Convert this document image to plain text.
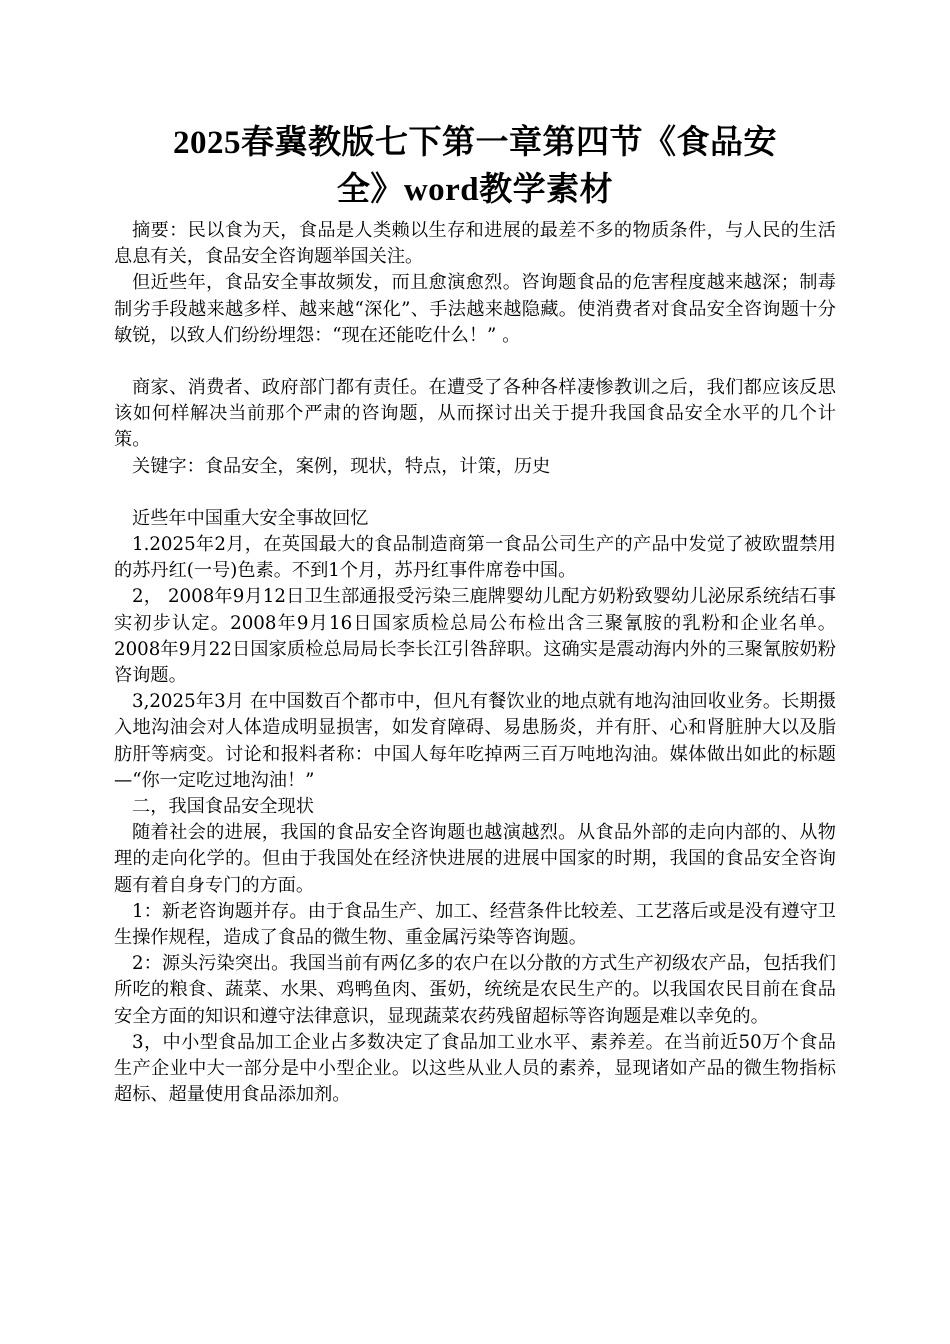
2025春冀教版七下第一章第四节《食品安
全》word教学素材

摘要：民以食为天，食品是人类赖以生存和进展的最差不多的物质条件，与人民的生活息息有关，食品安全咨询题举国关注。

但近些年，食品安全事故频发，而且愈演愈烈。咨询题食品的危害程度越来越深；制毒制劣手段越来越多样、越来越“深化”、手法越来越隐藏。使消费者对食品安全咨询题十分敏锐，以致人们纷纷埋怨：“现在还能吃什么！” 。

商家、消费者、政府部门都有责任。在遭受了各种各样凄惨教训之后，我们都应该反思该如何样解决当前那个严肃的咨询题，从而探讨出关于提升我国食品安全水平的几个计策。

关键字：食品安全，案例，现状，特点，计策，历史

近些年中国重大安全事故回忆

1.2025年2月，在英国最大的食品制造商第一食品公司生产的产品中发觉了被欧盟禁用的苏丹红(一号)色素。不到1个月，苏丹红事件席卷中国。

2， 2008年9月12日卫生部通报受污染三鹿牌婴幼儿配方奶粉致婴幼儿泌尿系统结石事实初步认定。2008年9月16日国家质检总局公布检出含三聚氰胺的乳粉和企业名单。2008年9月22日国家质检总局局长李长江引咎辞职。这确实是震动海内外的三聚氰胺奶粉咨询题。

3,2025年3月 在中国数百个都市中，但凡有餐饮业的地点就有地沟油回收业务。长期摄入地沟油会对人体造成明显损害，如发育障碍、易患肠炎，并有肝、心和肾脏肿大以及脂肪肝等病变。讨论和报料者称：中国人每年吃掉两三百万吨地沟油。媒体做出如此的标题—“你一定吃过地沟油！”

二，我国食品安全现状

随着社会的进展，我国的食品安全咨询题也越演越烈。从食品外部的走向内部的、从物理的走向化学的。但由于我国处在经济快进展的进展中国家的时期，我国的食品安全咨询题有着自身专门的方面。

1：新老咨询题并存。由于食品生产、加工、经营条件比较差、工艺落后或是没有遵守卫生操作规程，造成了食品的微生物、重金属污染等咨询题。

2：源头污染突出。我国当前有两亿多的农户在以分散的方式生产初级农产品，包括我们所吃的粮食、蔬菜、水果、鸡鸭鱼肉、蛋奶，统统是农民生产的。以我国农民目前在食品安全方面的知识和遵守法律意识，显现蔬菜农药残留超标等咨询题是难以幸免的。

3，中小型食品加工企业占多数决定了食品加工业水平、素养差。在当前近50万个食品生产企业中大一部分是中小型企业。以这些从业人员的素养，显现诸如产品的微生物指标超标、超量使用食品添加剂。
